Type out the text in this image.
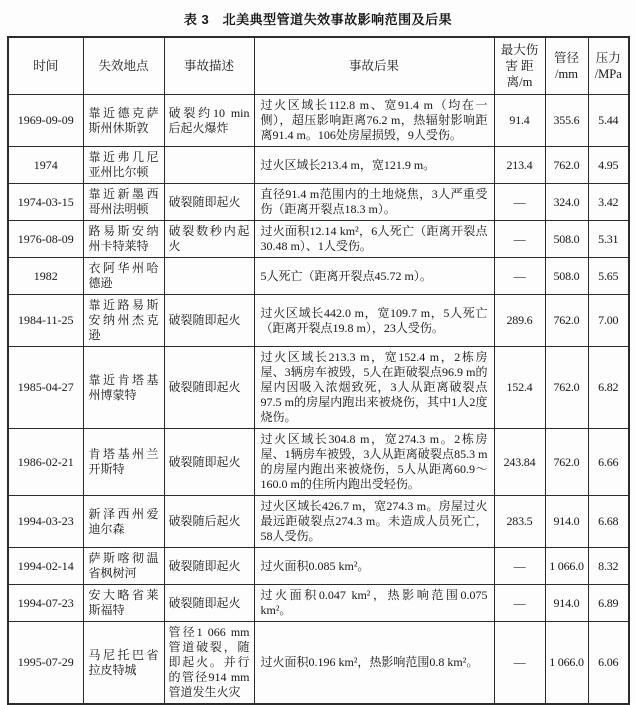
表 3　北美典型管道失效事故影响范围及后果
时间	失效地点	事故描述	事故后果	最大伤害 距离/m	管径 /mm	压力 /MPa
1969-09-09	靠近德克萨斯州休斯敦	破裂约10 min后起火爆炸	过火区域长112.8 m、宽91.4 m（均在一侧），超压影响距离76.2 m，热辐射影响距离91.4 m。106处房屋损毁，9人受伤。	91.4	355.6	5.44
1974	靠近弗几尼亚州比尔顿		过火区域长213.4 m，宽121.9 m。	213.4	762.0	4.95
1974-03-15	靠近新墨西哥州法明顿	破裂随即起火	直径91.4 m范围内的土地烧焦，3人严重受伤（距离开裂点18.3 m）。	—	324.0	3.42
1976-08-09	路易斯安纳州卡特莱特	破裂数秒内起火	过火面积12.14 km²，6人死亡（距离开裂点30.48 m）、1人受伤。	—	508.0	5.31
1982	衣阿华州哈德逊		5人死亡（距离开裂点45.72 m）。	—	508.0	5.65
1984-11-25	靠近路易斯安纳州杰克逊	破裂随即起火	过火区域长442.0 m，宽109.7 m，5人死亡（距离开裂点19.8 m），23人受伤。	289.6	762.0	7.00
1985-04-27	靠近肯塔基州博蒙特	破裂随即起火	过火区域长213.3 m，宽152.4 m，2栋房屋、3辆房车被毁，5人在距破裂点96.9 m的屋内因吸入浓烟致死，3人从距离破裂点97.5 m的房屋内跑出来被烧伤，其中1人2度烧伤。	152.4	762.0	6.82
1986-02-21	肯塔基州兰开斯特	破裂随即起火	过火区域长304.8 m，宽274.3 m。2栋房屋、1辆房车被毁，3人从距离破裂点85.3 m的房屋内跑出来被烧伤，5人从距离60.9～160.0 m的住所内跑出受轻伤。	243.84	762.0	6.66
1994-03-23	新泽西州爱迪尔森	破裂随后起火	过火区域长426.7 m，宽274.3 m。房屋过火最远距破裂点274.3 m。未造成人员死亡，58人受伤。	283.5	914.0	6.68
1994-02-14	萨斯喀彻温省枫树河	破裂随即起火	过火面积0.085 km²。	—	1 066.0	8.32
1994-07-23	安大略省莱斯福特	破裂随即起火	过火面积0.047 km²，热影响范围0.075 km²。	—	914.0	6.89
1995-07-29	马尼托巴省拉皮特城	管径1 066 mm管道破裂，随即起火。并行的管径914 mm管道发生火灾	过火面积0.196 km²，热影响范围0.8 km²。	—	1 066.0	6.06
